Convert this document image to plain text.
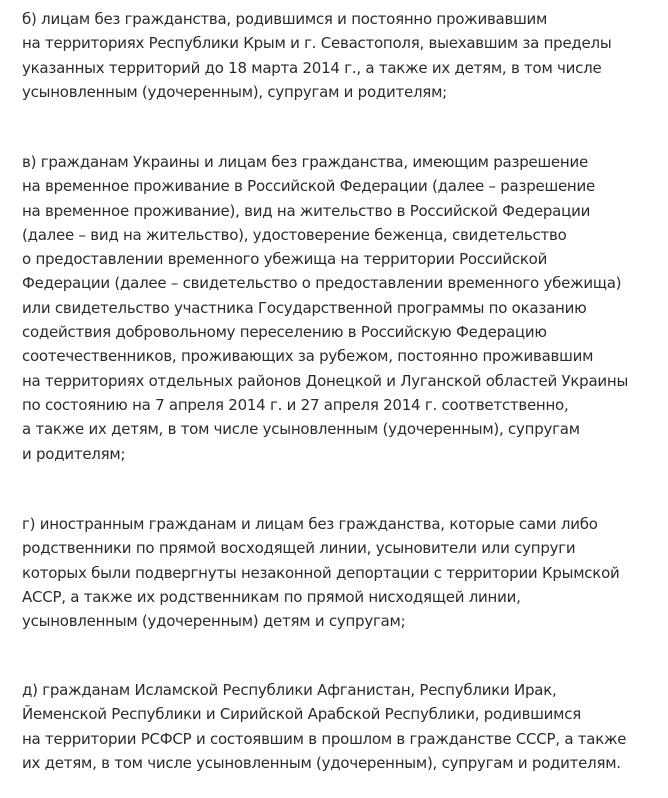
б) лицам без гражданства, родившимся и постоянно проживавшим
на территориях Республики Крым и г. Севастополя, выехавшим за пределы
указанных территорий до 18 марта 2014 г., а также их детям, в том числе
усыновленным (удочеренным), супругам и родителям;
в) гражданам Украины и лицам без гражданства, имеющим разрешение
на временное проживание в Российской Федерации (далее – разрешение
на временное проживание), вид на жительство в Российской Федерации
(далее – вид на жительство), удостоверение беженца, свидетельство
о предоставлении временного убежища на территории Российской
Федерации (далее – свидетельство о предоставлении временного убежища)
или свидетельство участника Государственной программы по оказанию
содействия добровольному переселению в Российскую Федерацию
соотечественников, проживающих за рубежом, постоянно проживавшим
на территориях отдельных районов Донецкой и Луганской областей Украины
по состоянию на 7 апреля 2014 г. и 27 апреля 2014 г. соответственно,
а также их детям, в том числе усыновленным (удочеренным), супругам
и родителям;
г) иностранным гражданам и лицам без гражданства, которые сами либо
родственники по прямой восходящей линии, усыновители или супруги
которых были подвергнуты незаконной депортации с территории Крымской
АССР, а также их родственникам по прямой нисходящей линии,
усыновленным (удочеренным) детям и супругам;
д) гражданам Исламской Республики Афганистан, Республики Ирак,
Йеменской Республики и Сирийской Арабской Республики, родившимся
на территории РСФСР и состоявшим в прошлом в гражданстве СССР, а также
их детям, в том числе усыновленным (удочеренным), супругам и родителям.
